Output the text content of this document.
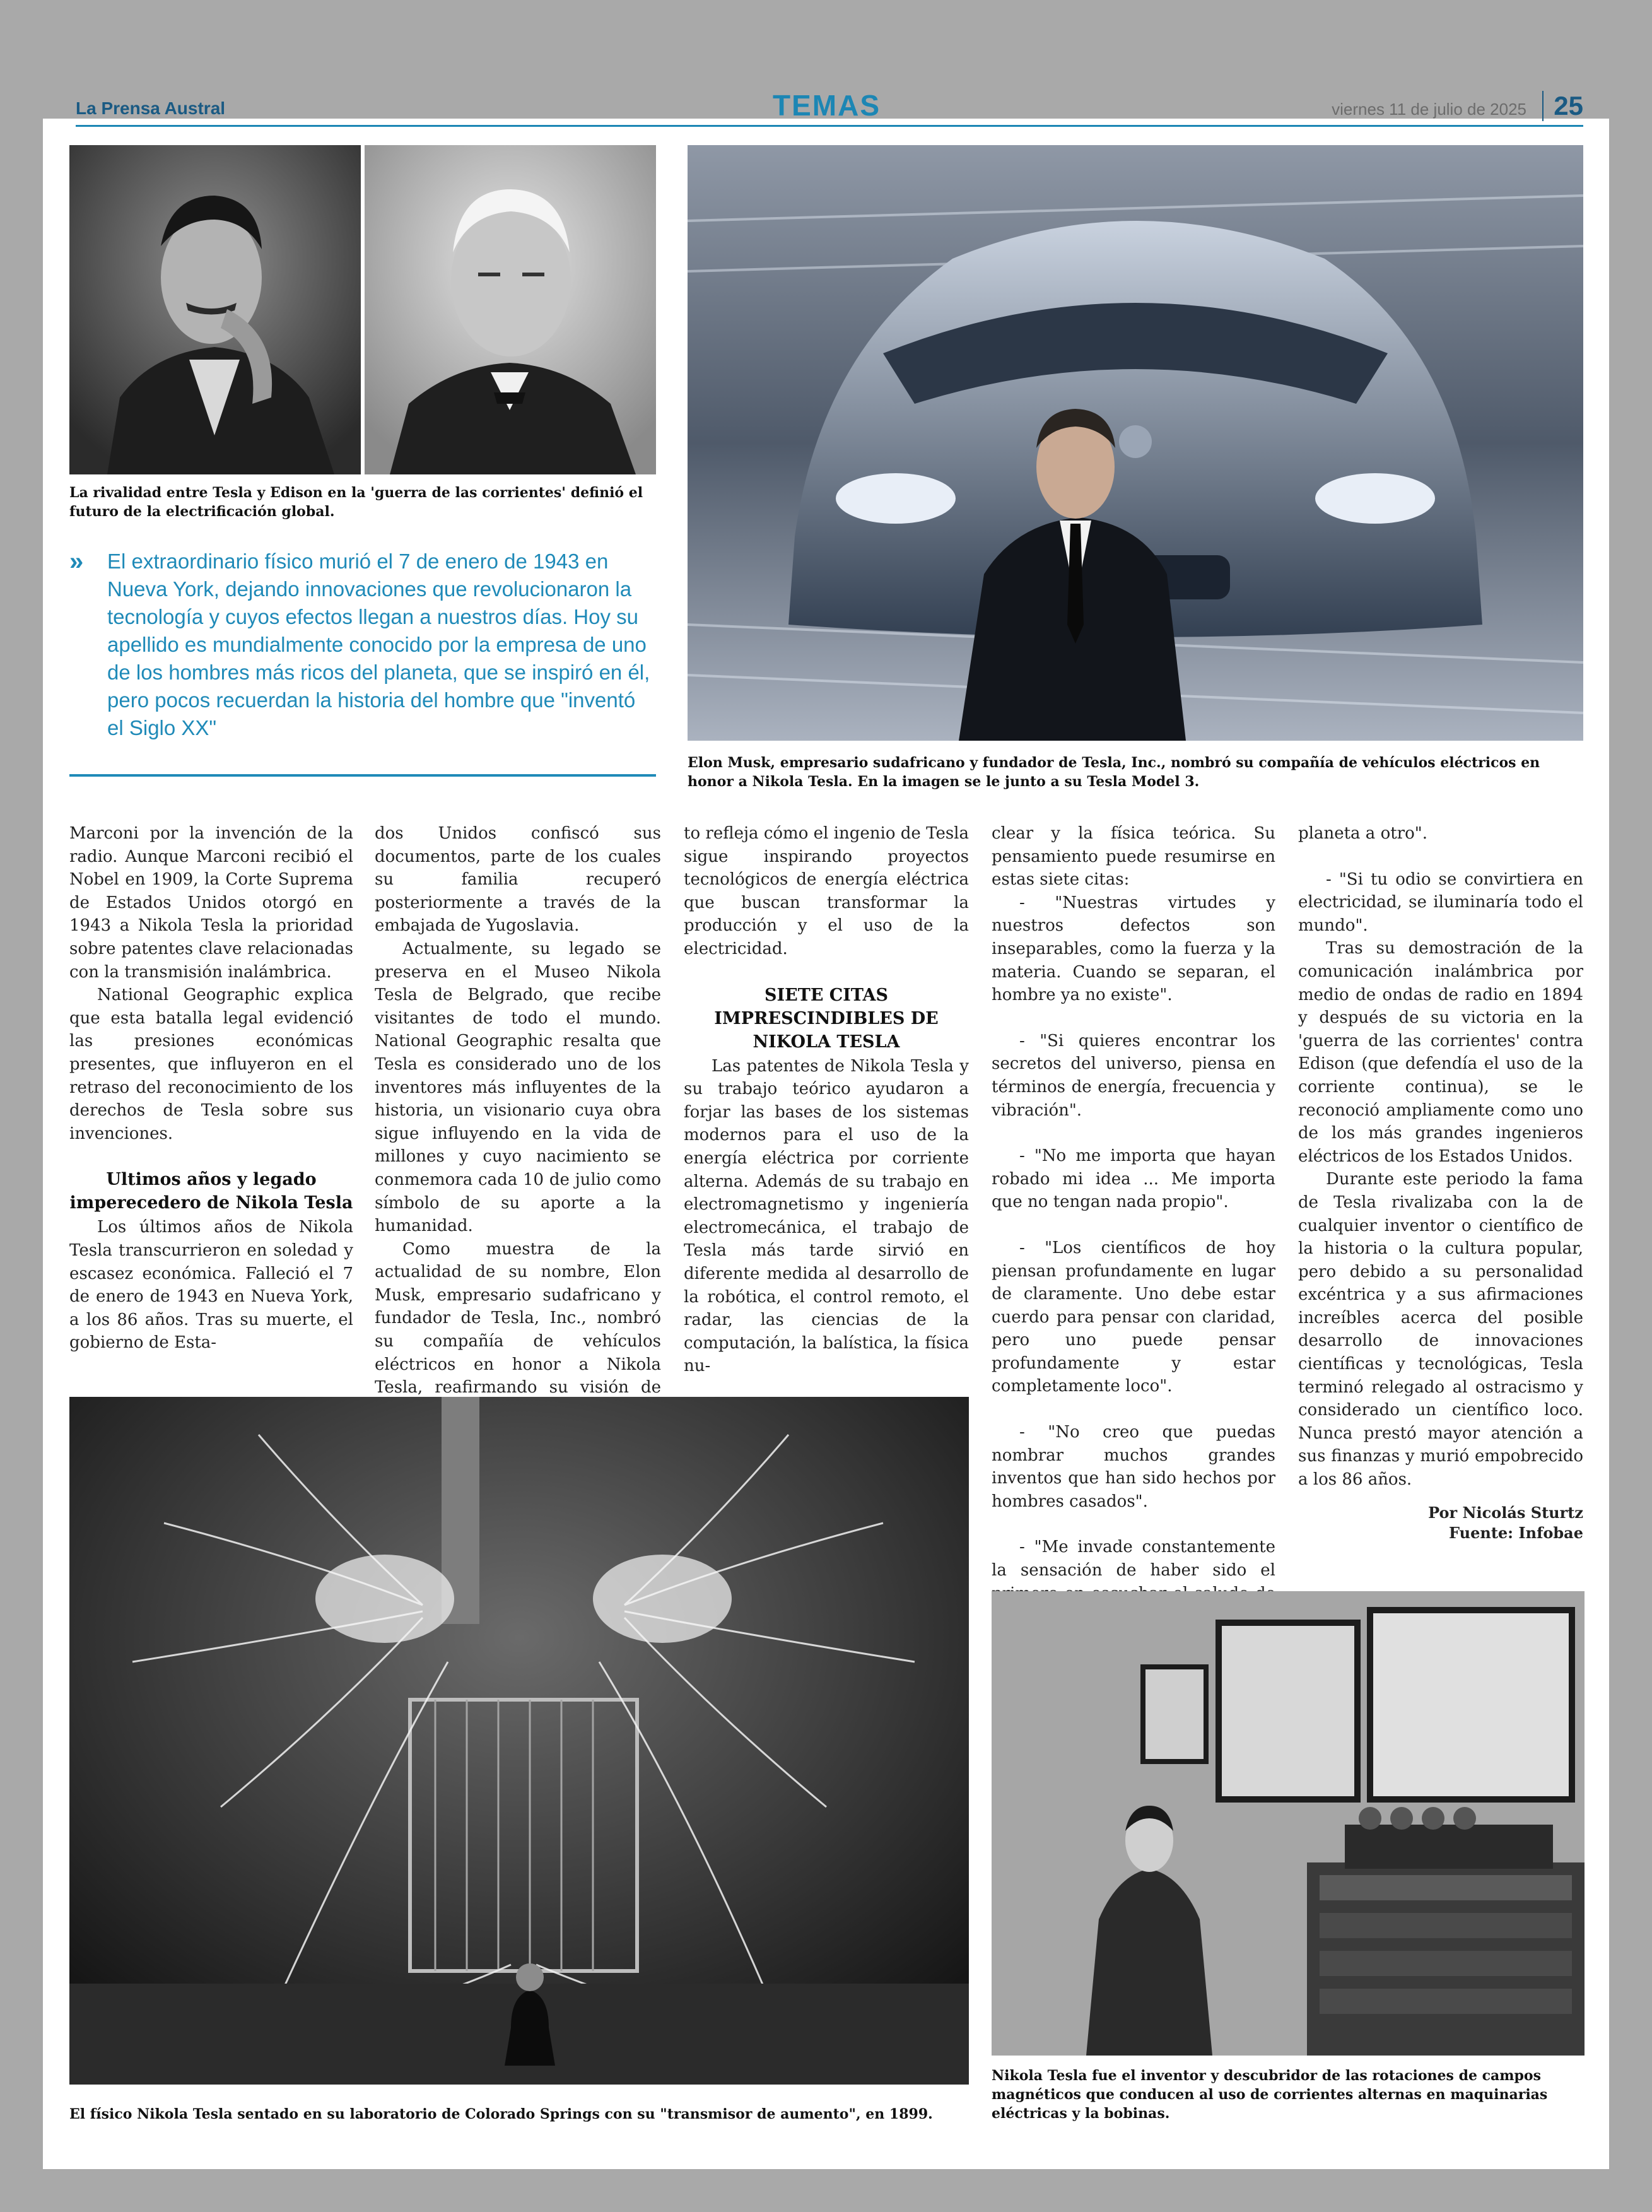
La Prensa Austral	TEMAS	viernes 11 de julio de 2025	25
La rivalidad entre Tesla y Edison en la 'guerra de las corrientes' definió el futuro de la electrificación global.
»	El extraordinario físico murió el 7 de enero de 1943 en Nueva York, dejando innovaciones que revolucionaron la tecnología y cuyos efectos llegan a nuestros días. Hoy su apellido es mundialmente conocido por la empresa de uno de los hombres más ricos del planeta, que se inspiró en él, pero pocos recuerdan la historia del hombre que "inventó el Siglo XX"
Elon Musk, empresario sudafricano y fundador de Tesla, Inc., nombró su compañía de vehículos eléctricos en honor a Nikola Tesla. En la imagen se le junto a su Tesla Model 3.

Marconi por la invención de la radio. Aunque Marconi recibió el Nobel en 1909, la Corte Suprema de Estados Unidos otorgó en 1943 a Nikola Tesla la prioridad sobre patentes clave relacionadas con la transmisión inalámbrica.

National Geographic explica que esta batalla legal evidenció las presiones económicas presentes, que influyeron en el retraso del reconocimiento de los derechos de Tesla sobre sus invenciones.

Ultimos años y legado imperecedero de Nikola Tesla

Los últimos años de Nikola Tesla transcurrieron en soledad y escasez económica. Falleció el 7 de enero de 1943 en Nueva York, a los 86 años. Tras su muerte, el gobierno de Esta-

dos Unidos confiscó sus documentos, parte de los cuales su familia recuperó posteriormente a través de la embajada de Yugoslavia.

Actualmente, su legado se preserva en el Museo Nikola Tesla de Belgrado, que recibe visitantes de todo el mundo. National Geographic resalta que Tesla es considerado uno de los inventores más influyentes de la historia, un visionario cuya obra sigue influyendo en la vida de millones y cuyo nacimiento se conmemora cada 10 de julio como símbolo de su aporte a la humanidad.

Como muestra de la actualidad de su nombre, Elon Musk, empresario sudafricano y fundador de Tesla, Inc., nombró su compañía de vehículos eléctricos en honor a Nikola Tesla, reafirmando su visión de

to refleja cómo el ingenio de Tesla sigue inspirando proyectos tecnológicos de energía eléctrica que buscan transformar la producción y el uso de la electricidad.

SIETE CITAS IMPRESCINDIBLES DE NIKOLA TESLA

Las patentes de Nikola Tesla y su trabajo teórico ayudaron a forjar las bases de los sistemas modernos para el uso de la energía eléctrica por corriente alterna. Además de su trabajo en electromagnetismo y ingeniería electromecánica, el trabajo de Tesla más tarde sirvió en diferente medida al desarrollo de la robótica, el control remoto, el radar, las ciencias de la computación, la balística, la física nu-

clear y la física teórica. Su pensamiento puede resumirse en estas siete citas:

- "Nuestras virtudes y nuestros defectos son inseparables, como la fuerza y la materia. Cuando se separan, el hombre ya no existe".

- "Si quieres encontrar los secretos del universo, piensa en términos de energía, frecuencia y vibración".

- "No me importa que hayan robado mi idea ... Me importa que no tengan nada propio".

- "Los científicos de hoy piensan profundamente en lugar de claramente. Uno debe estar cuerdo para pensar con claridad, pero uno puede pensar profundamente y estar completamente loco".

- "No creo que puedas nombrar muchos grandes inventos que han sido hechos por hombres casados".

- "Me invade constantemente la sensación de haber sido el

planeta a otro".

- "Si tu odio se convirtiera en electricidad, se iluminaría todo el mundo".

Tras su demostración de la comunicación inalámbrica por medio de ondas de radio en 1894 y después de su victoria en la 'guerra de las corrientes' contra Edison (que defendía el uso de la corriente continua), se le reconoció ampliamente como uno de los más grandes ingenieros eléctricos de los Estados Unidos.

Durante este periodo la fama de Tesla rivalizaba con la de cualquier inventor o científico de la historia o la cultura popular, pero debido a su personalidad excéntrica y a sus afirmaciones increíbles acerca del posible desarrollo de innovaciones científicas y tecnológicas, Tesla terminó relegado al ostracismo y considerado un científico loco. Nunca prestó mayor atención a sus finanzas y murió empobrecido a los 86 años.

Por Nicolás Sturtz

Fuente: Infobae

El físico Nikola Tesla sentado en su laboratorio de Colorado Springs con su "transmisor de aumento", en 1899.
Nikola Tesla fue el inventor y descubridor de las rotaciones de campos magnéticos que conducen al uso de corrientes alternas en maquinarias eléctricas y la bobinas.
